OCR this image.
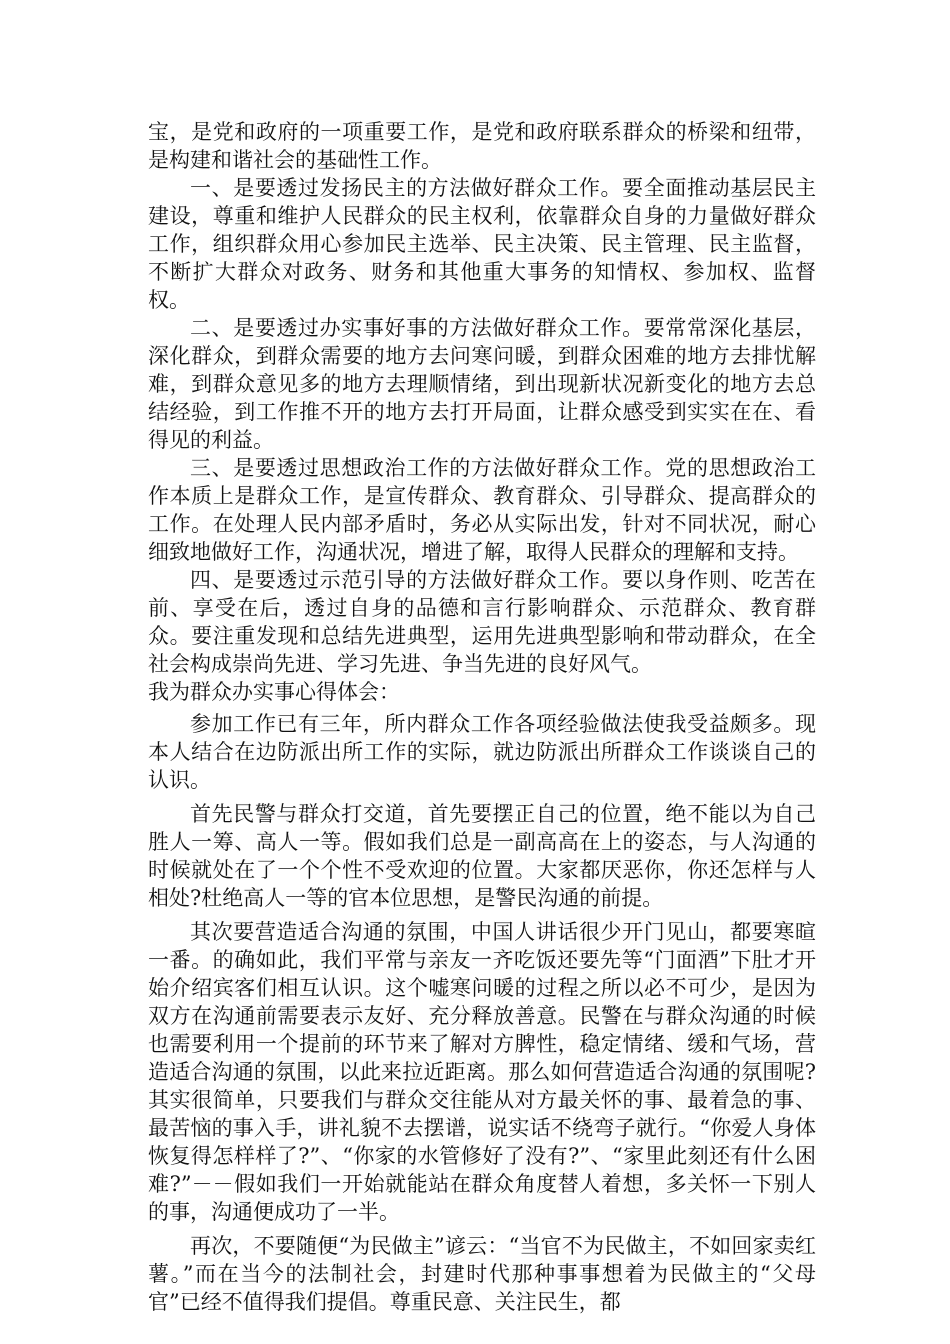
宝，是党和政府的一项重要工作，是党和政府联系群众的桥梁和纽带，是构建和谐社会的基础性工作。

一、是要透过发扬民主的方法做好群众工作。要全面推动基层民主建设，尊重和维护人民群众的民主权利，依靠群众自身的力量做好群众工作，组织群众用心参加民主选举、民主决策、民主管理、民主监督，不断扩大群众对政务、财务和其他重大事务的知情权、参加权、监督权。

二、是要透过办实事好事的方法做好群众工作。要常常深化基层，深化群众，到群众需要的地方去问寒问暖，到群众困难的地方去排忧解难，到群众意见多的地方去理顺情绪，到出现新状况新变化的地方去总结经验，到工作推不开的地方去打开局面，让群众感受到实实在在、看得见的利益。

三、是要透过思想政治工作的方法做好群众工作。党的思想政治工作本质上是群众工作，是宣传群众、教育群众、引导群众、提高群众的工作。在处理人民内部矛盾时，务必从实际出发，针对不同状况，耐心细致地做好工作，沟通状况，增进了解，取得人民群众的理解和支持。

四、是要透过示范引导的方法做好群众工作。要以身作则、吃苦在前、享受在后，透过自身的品德和言行影响群众、示范群众、教育群众。要注重发现和总结先进典型，运用先进典型影响和带动群众，在全社会构成崇尚先进、学习先进、争当先进的良好风气。

我为群众办实事心得体会：

参加工作已有三年，所内群众工作各项经验做法使我受益颇多。现本人结合在边防派出所工作的实际，就边防派出所群众工作谈谈自己的认识。

首先民警与群众打交道，首先要摆正自己的位置，绝不能以为自己胜人一筹、高人一等。假如我们总是一副高高在上的姿态，与人沟通的时候就处在了一个个性不受欢迎的位置。大家都厌恶你，你还怎样与人相处?杜绝高人一等的官本位思想，是警民沟通的前提。

其次要营造适合沟通的氛围，中国人讲话很少开门见山，都要寒暄一番。的确如此，我们平常与亲友一齐吃饭还要先等“门面酒”下肚才开始介绍宾客们相互认识。这个嘘寒问暖的过程之所以必不可少，是因为双方在沟通前需要表示友好、充分释放善意。民警在与群众沟通的时候也需要利用一个提前的环节来了解对方脾性，稳定情绪、缓和气场，营造适合沟通的氛围，以此来拉近距离。那么如何营造适合沟通的氛围呢?其实很简单，只要我们与群众交往能从对方最关怀的事、最着急的事、最苦恼的事入手，讲礼貌不去摆谱，说实话不绕弯子就行。“你爱人身体恢复得怎样样了?”、“你家的水管修好了没有?”、“家里此刻还有什么困难?”－－假如我们一开始就能站在群众角度替人着想，多关怀一下别人的事，沟通便成功了一半。

再次，不要随便“为民做主”谚云：“当官不为民做主，不如回家卖红薯。”而在当今的法制社会，封建时代那种事事想着为民做主的“父母官”已经不值得我们提倡。尊重民意、关注民生，都
